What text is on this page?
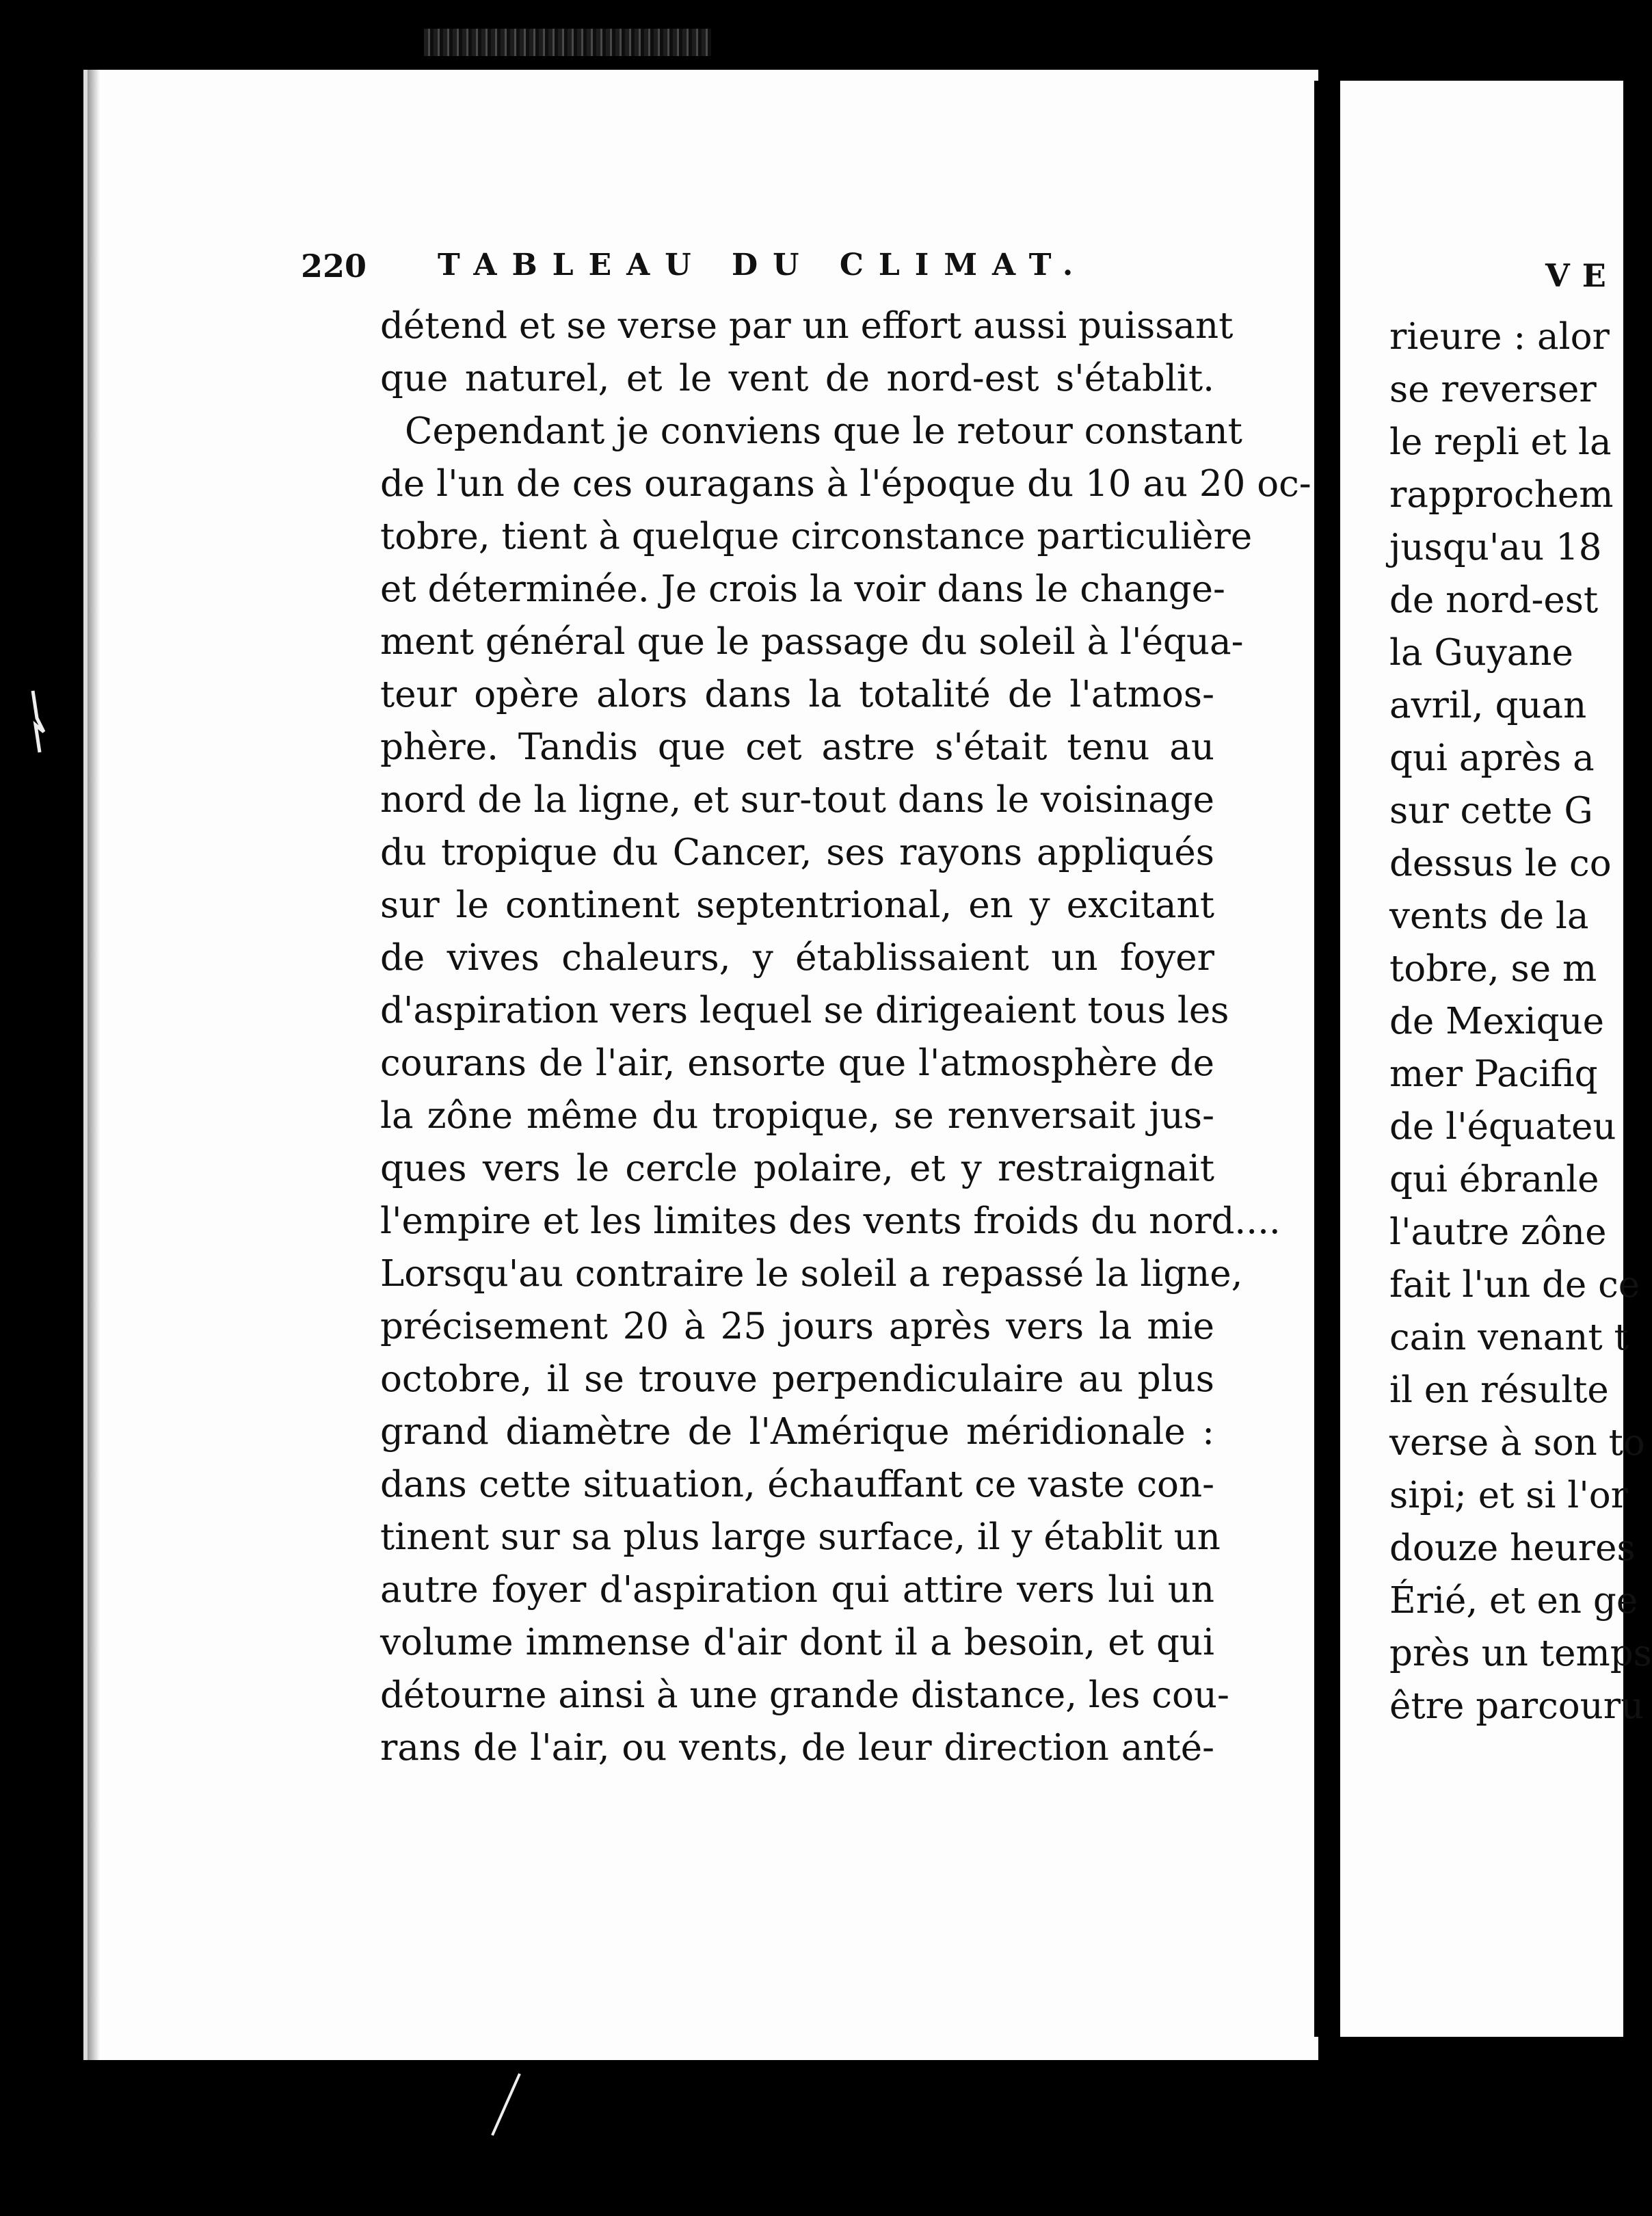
VE
rieure : alor
se reverser
le repli et la
rapprochem
jusqu'au 18
de nord-est
la Guyane
avril, quan
qui après a
sur cette G
dessus le co
vents de la
tobre, se m
de Mexique
mer Pacifiq
de l'équateu
qui ébranle
l'autre zône
fait l'un de ce
cain venant t
il en résulte
verse à son to
sipi; et si l'or
douze heures
Érié, et en ge
près un temps
être parcouru
220 TABLEAU DU CLIMAT.
détend et se verse par un effort aussi puissant
que naturel, et le vent de nord-est s'établit.
Cependant je conviens que le retour constant
de l'un de ces ouragans à l'époque du 10 au 20 oc-
tobre, tient à quelque circonstance particulière
et déterminée. Je crois la voir dans le change-
ment général que le passage du soleil à l'équa-
teur opère alors dans la totalité de l'atmos-
phère. Tandis que cet astre s'était tenu au
nord de la ligne, et sur-tout dans le voisinage
du tropique du Cancer, ses rayons appliqués
sur le continent septentrional, en y excitant
de vives chaleurs, y établissaient un foyer
d'aspiration vers lequel se dirigeaient tous les
courans de l'air, ensorte que l'atmosphère de
la zône même du tropique, se renversait jus-
ques vers le cercle polaire, et y restraignait
l'empire et les limites des vents froids du nord....
Lorsqu'au contraire le soleil a repassé la ligne,
précisement 20 à 25 jours après vers la mie
octobre, il se trouve perpendiculaire au plus
grand diamètre de l'Amérique méridionale :
dans cette situation, échauffant ce vaste con-
tinent sur sa plus large surface, il y établit un
autre foyer d'aspiration qui attire vers lui un
volume immense d'air dont il a besoin, et qui
détourne ainsi à une grande distance, les cou-
rans de l'air, ou vents, de leur direction anté-
